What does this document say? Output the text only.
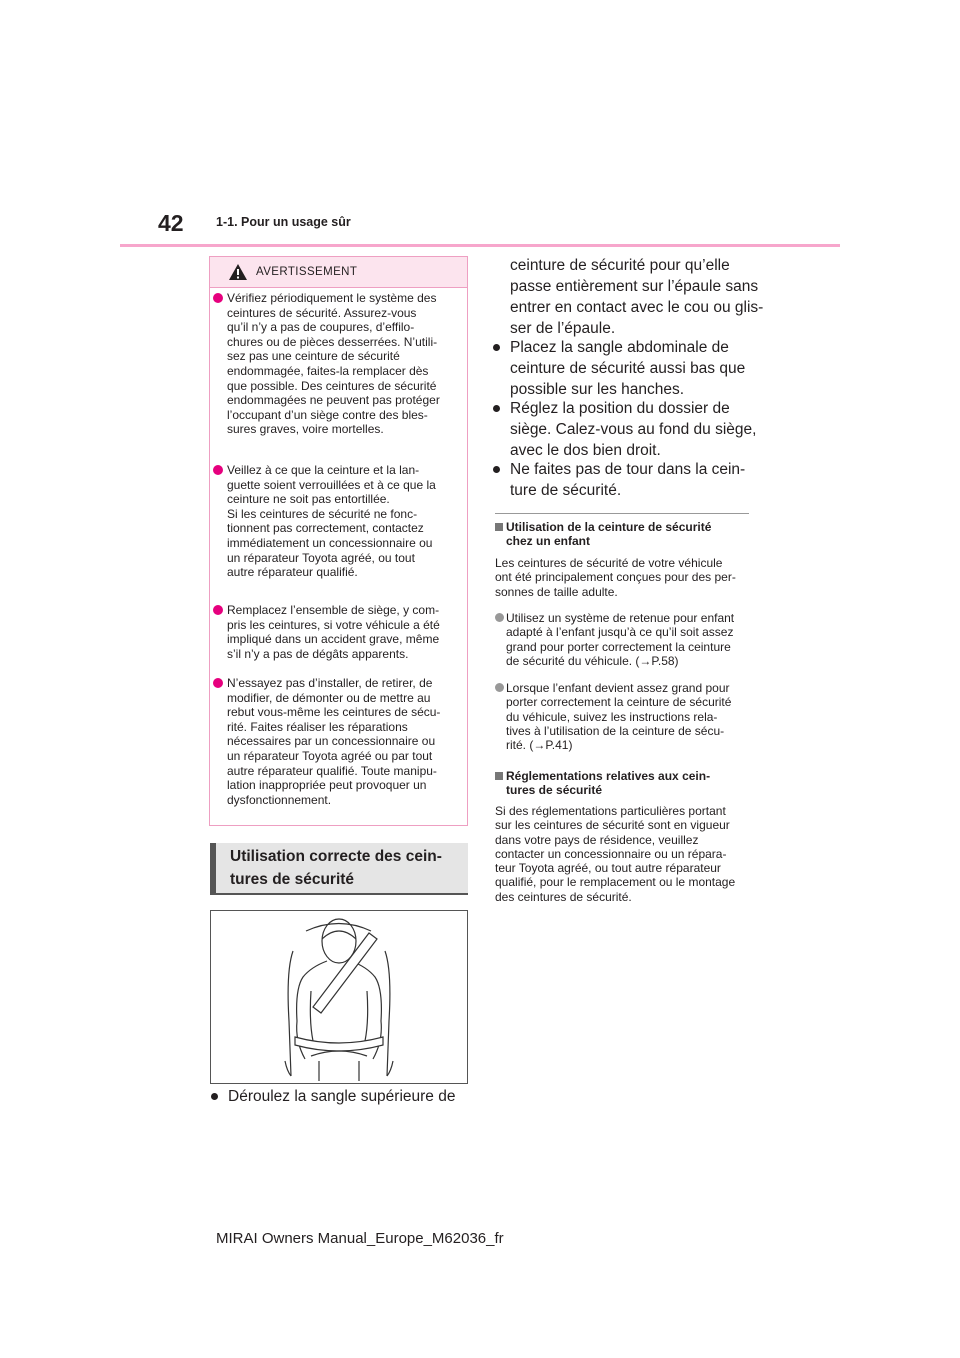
42	1-1. Pour un usage sûr
AVERTISSEMENT
Vérifiez périodiquement le système des
ceintures de sécurité. Assurez-vous
qu’il n’y a pas de coupures, d’effilo-
chures ou de pièces desserrées. N’utili-
sez pas une ceinture de sécurité
endommagée, faites-la remplacer dès
que possible. Des ceintures de sécurité
endommagées ne peuvent pas protéger
l’occupant d’un siège contre des bles-
sures graves, voire mortelles.
Veillez à ce que la ceinture et la lan-
guette soient verrouillées et à ce que la
ceinture ne soit pas entortillée.
Si les ceintures de sécurité ne fonc-
tionnent pas correctement, contactez
immédiatement un concessionnaire ou
un réparateur Toyota agréé, ou tout
autre réparateur qualifié.
Remplacez l’ensemble de siège, y com-
pris les ceintures, si votre véhicule a été
impliqué dans un accident grave, même
s’il n’y a pas de dégâts apparents.
N’essayez pas d’installer, de retirer, de
modifier, de démonter ou de mettre au
rebut vous-même les ceintures de sécu-
rité. Faites réaliser les réparations
nécessaires par un concessionnaire ou
un réparateur Toyota agréé ou par tout
autre réparateur qualifié. Toute manipu-
lation inappropriée peut provoquer un
dysfonctionnement.
Utilisation correcte des cein-
tures de sécurité
Déroulez la sangle supérieure de
ceinture de sécurité pour qu’elle
passe entièrement sur l’épaule sans
entrer en contact avec le cou ou glis-
ser de l’épaule.
Placez la sangle abdominale de
ceinture de sécurité aussi bas que
possible sur les hanches.
Réglez la position du dossier de
siège. Calez-vous au fond du siège,
avec le dos bien droit.
Ne faites pas de tour dans la cein-
ture de sécurité.
Utilisation de la ceinture de sécurité
chez un enfant
Les ceintures de sécurité de votre véhicule
ont été principalement conçues pour des per-
sonnes de taille adulte.
Utilisez un système de retenue pour enfant
adapté à l’enfant jusqu’à ce qu’il soit assez
grand pour porter correctement la ceinture
de sécurité du véhicule. (→P.58)
Lorsque l’enfant devient assez grand pour
porter correctement la ceinture de sécurité
du véhicule, suivez les instructions rela-
tives à l’utilisation de la ceinture de sécu-
rité. (→P.41)
Réglementations relatives aux cein-
tures de sécurité
Si des réglementations particulières portant
sur les ceintures de sécurité sont en vigueur
dans votre pays de résidence, veuillez
contacter un concessionnaire ou un répara-
teur Toyota agréé, ou tout autre réparateur
qualifié, pour le remplacement ou le montage
des ceintures de sécurité.
MIRAI Owners Manual_Europe_M62036_fr
